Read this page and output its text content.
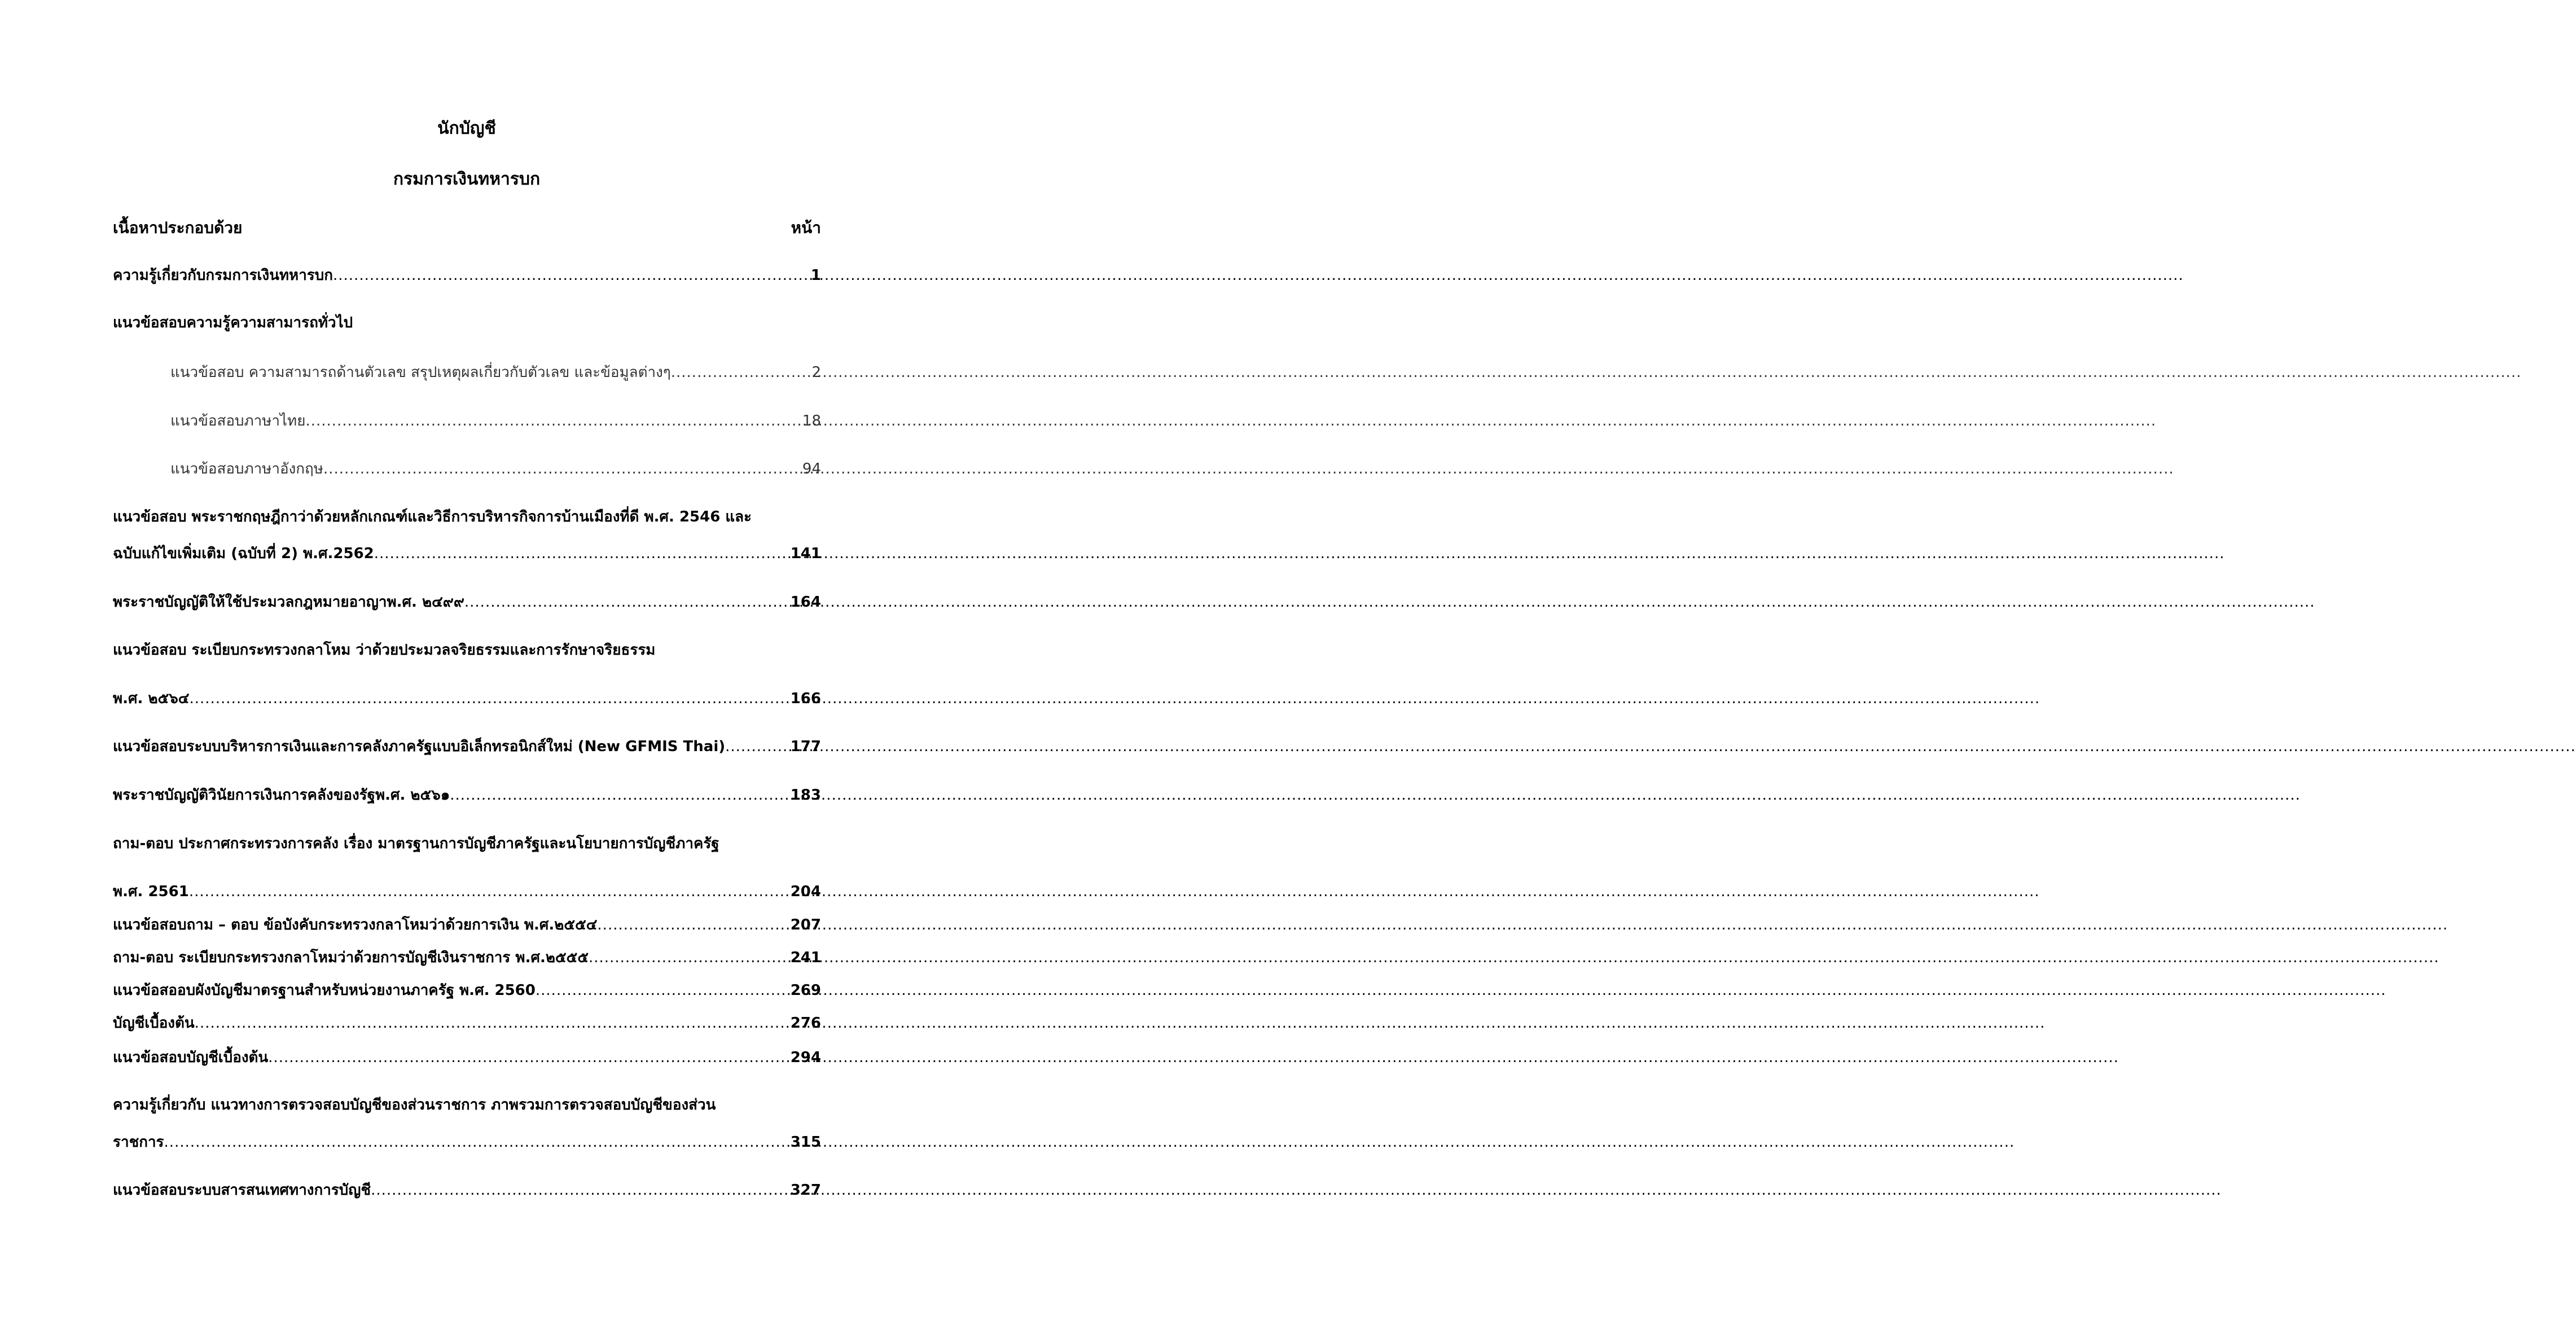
นักบัญชี
กรมการเงินทหารบก
เนื้อหาประกอบด้วย	หน้า
ความรู้เกี่ยวกับกรมการเงินทหารบก .....	1
แนวข้อสอบความรู้ความสามารถทั่วไป
แนวข้อสอบ ความสามารถด้านตัวเลข สรุปเหตุผลเกี่ยวกับตัวเลข และข้อมูลต่างๆ .....	2
แนวข้อสอบภาษาไทย .....	18
แนวข้อสอบภาษาอังกฤษ .....	94
แนวข้อสอบ พระราชกฤษฎีกาว่าด้วยหลักเกณฑ์และวิธีการบริหารกิจการบ้านเมืองที่ดี พ.ศ. 2546 และ
ฉบับแก้ไขเพิ่มเติม (ฉบับที่ 2) พ.ศ.2562 .....	141
พระราชบัญญัติให้ใช้ประมวลกฎหมายอาญาพ.ศ. ๒๔๙๙ .....	164
แนวข้อสอบ ระเบียบกระทรวงกลาโหม ว่าด้วยประมวลจริยธรรมและการรักษาจริยธรรม
พ.ศ. ๒๕๖๔ .....	166
แนวข้อสอบระบบบริหารการเงินและการคลังภาครัฐแบบอิเล็กทรอนิกส์ใหม่ (New GFMIS Thai) .....	177
พระราชบัญญัติวินัยการเงินการคลังของรัฐพ.ศ. ๒๕๖๑ .....	183
ถาม-ตอบ ประกาศกระทรวงการคลัง เรื่อง มาตรฐานการบัญชีภาครัฐและนโยบายการบัญชีภาครัฐ
พ.ศ. 2561 .....	204
แนวข้อสอบถาม – ตอบ ข้อบังคับกระทรวงกลาโหมว่าด้วยการเงิน พ.ศ.๒๕๕๔ .....	207
ถาม-ตอบ ระเบียบกระทรวงกลาโหมว่าด้วยการบัญชีเงินราชการ พ.ศ.๒๕๕๕ .....	241
แนวข้อสออบผังบัญชีมาตรฐานสำหรับหน่วยงานภาครัฐ พ.ศ. 2560 .....	269
บัญชีเบื้องต้น .....	276
แนวข้อสอบบัญชีเบื้องต้น .....	294
ความรู้เกี่ยวกับ แนวทางการตรวจสอบบัญชีของส่วนราชการ ภาพรวมการตรวจสอบบัญชีของส่วน
ราชการ .....	315
แนวข้อสอบระบบสารสนเทศทางการบัญชี .....	327
